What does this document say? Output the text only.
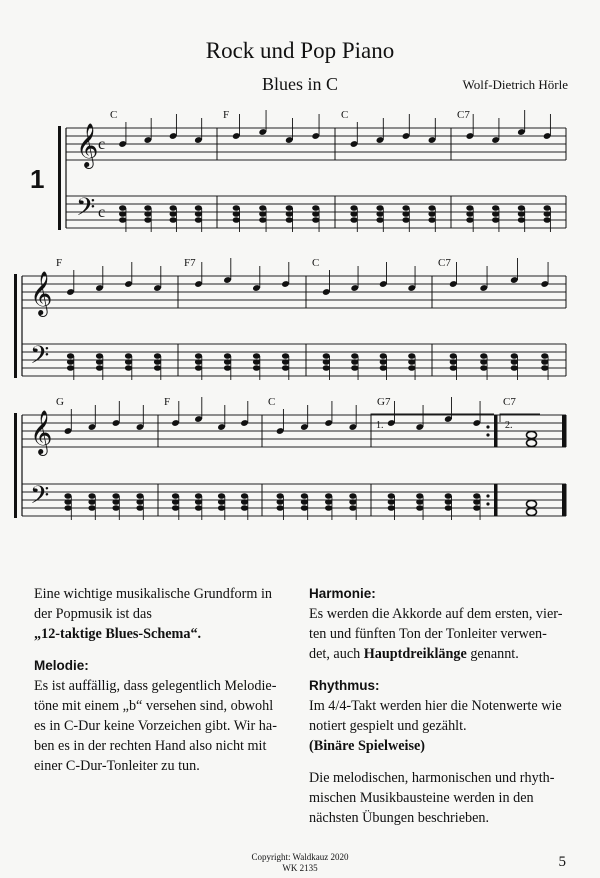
Rock und Pop Piano
Blues in C	Wolf-Dietrich Hörle
1
𝄞
𝄢
c
c
C	F	C	C7
𝄞
𝄢
F	F7	C	C7
𝄞
𝄢
G	F	C	G7	C7
1.	2.

Eine wichtige musikalische Grundform in

der Popmusik ist das

„12-taktige Blues-Schema“.

Melodie:

Es ist auffällig, dass gelegentlich Melodie-

töne mit einem „b“ versehen sind, obwohl

es in C-Dur keine Vorzeichen gibt. Wir ha-

ben es in der rechten Hand also nicht mit

einer C-Dur-Tonleiter zu tun.

Harmonie:

Es werden die Akkorde auf dem ersten, vier-

ten und fünften Ton der Tonleiter verwen-

det, auch Hauptdreiklänge genannt.

Rhythmus:

Im 4/4-Takt werden hier die Notenwerte wie

notiert gespielt und gezählt.

(Binäre Spielweise)

Die melodischen, harmonischen und rhyth-

mischen Musikbausteine werden in den

nächsten Übungen beschrieben.

Copyright: Waldkauz 2020
WK 2135	5
